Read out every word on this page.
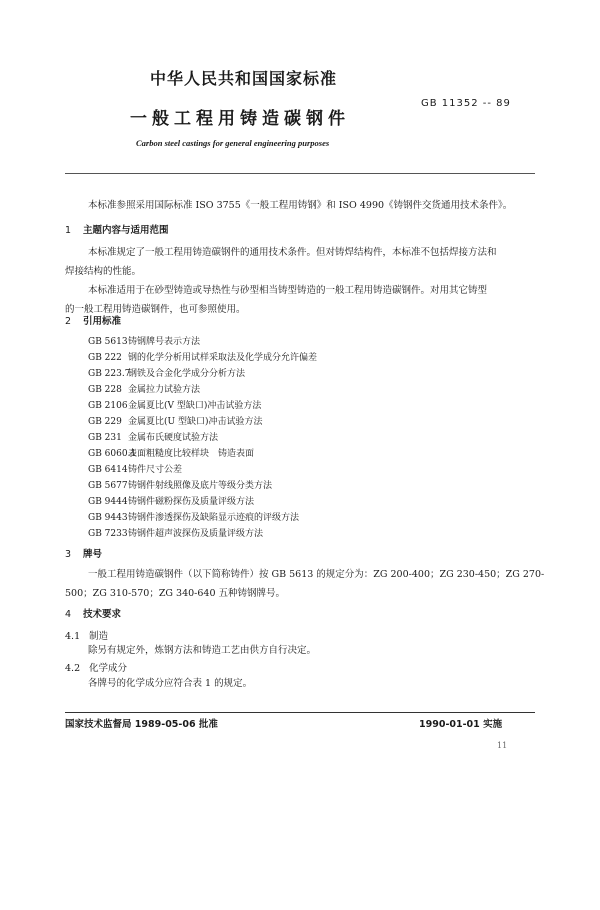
中华人民共和国国家标准
一般工程用铸造碳钢件
GB 11352 -- 89
Carbon steel castings for general engineering purposes
本标准参照采用国际标准 ISO 3755《一般工程用铸钢》和 ISO 4990《铸钢件交货通用技术条件》。
1 主题内容与适用范围
本标准规定了一般工程用铸造碳钢件的通用技术条件。但对铸焊结构件，本标准不包括焊接方法和
焊接结构的性能。
本标准适用于在砂型铸造或导热性与砂型相当铸型铸造的一般工程用铸造碳钢件。对用其它铸型
的一般工程用铸造碳钢件，也可参照使用。
2 引用标准
GB 5613铸钢牌号表示方法
GB 222 钢的化学分析用试样采取法及化学成分允许偏差
GB 223.7钢铁及合金化学成分分析方法
GB 228 金属拉力试验方法
GB 2106金属夏比(V 型缺口)冲击试验方法
GB 229 金属夏比(U 型缺口)冲击试验方法
GB 231 金属布氏硬度试验方法
GB 6060.1表面粗糙度比较样块　铸造表面
GB 6414铸件尺寸公差
GB 5677铸钢件射线照像及底片等级分类方法
GB 9444铸钢件磁粉探伤及质量评级方法
GB 9443铸钢件渗透探伤及缺陷显示迹痕的评级方法
GB 7233铸钢件超声波探伤及质量评级方法
3 牌号
一般工程用铸造碳钢件（以下简称铸件）按 GB 5613 的规定分为：ZG 200-400；ZG 230-450；ZG 270-
500；ZG 310-570；ZG 340-640 五种铸钢牌号。
4 技术要求
4.1 制造
除另有规定外，炼钢方法和铸造工艺由供方自行决定。
4.2 化学成分
各牌号的化学成分应符合表 1 的规定。
国家技术监督局 1989-05-06 批准	1990-01-01 实施
11
